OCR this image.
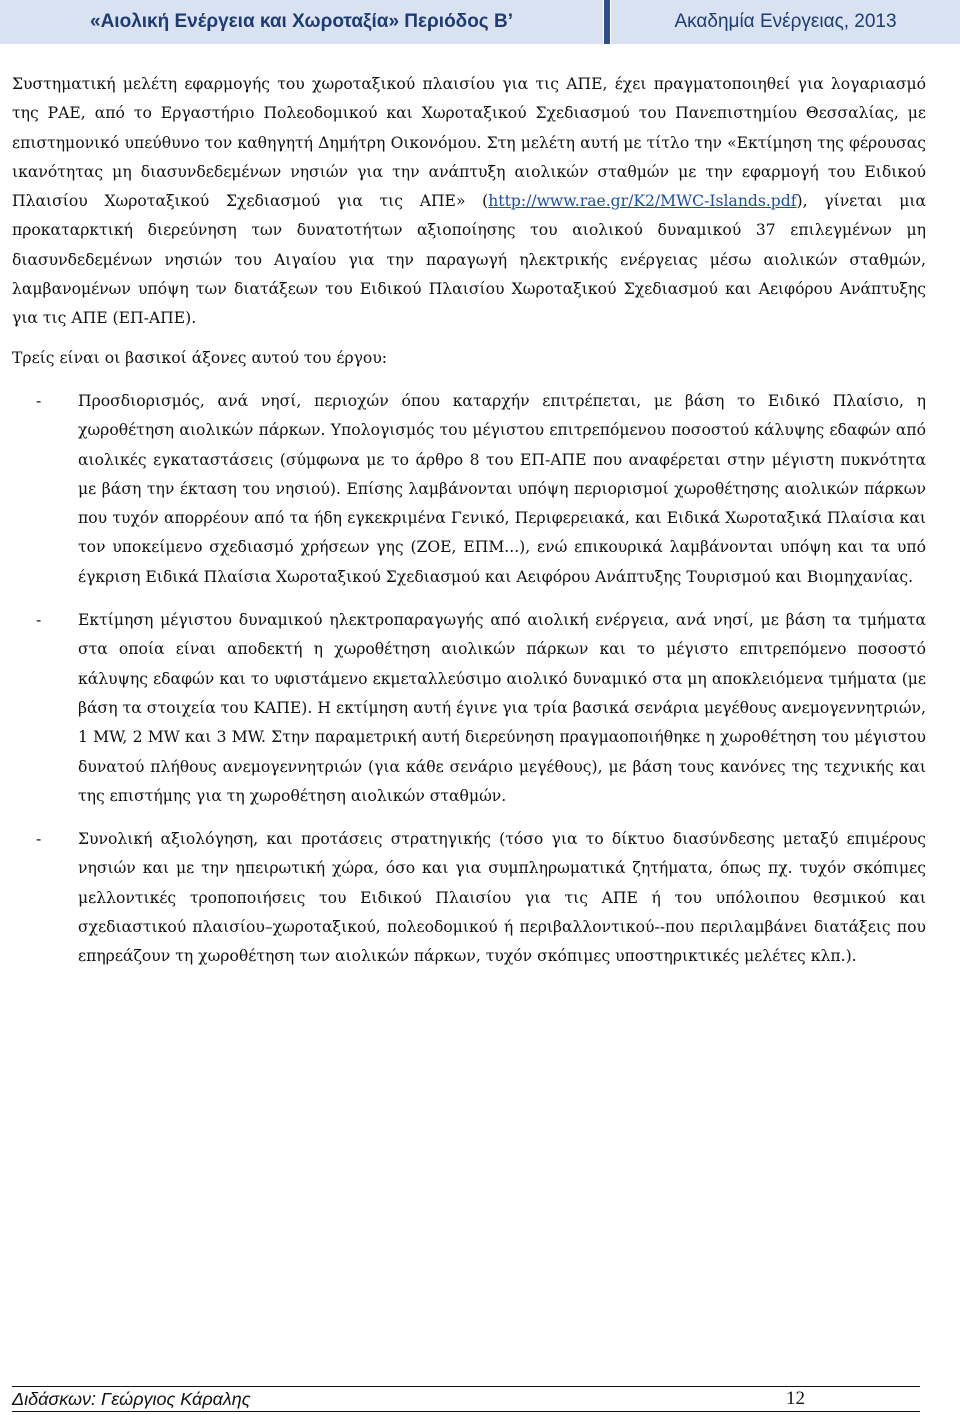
«Αιολική Ενέργεια και Χωροταξία» Περιόδος Β’	Ακαδημία Ενέργειας, 2013

Συστηματική μελέτη εφαρμογής του χωροταξικού πλαισίου για τις ΑΠΕ, έχει πραγματοποιηθεί για λογαριασμό της ΡΑΕ, από το Εργαστήριο Πολεοδομικού και Χωροταξικού Σχεδιασμού του Πανεπιστημίου Θεσσαλίας, με επιστημονικό υπεύθυνο τον καθηγητή Δημήτρη Οικονόμου. Στη μελέτη αυτή με τίτλο την «Εκτίμηση της φέρουσας ικανότητας μη διασυνδεδεμένων νησιών για την ανάπτυξη αιολικών σταθμών με την εφαρμογή του Ειδικού Πλαισίου Χωροταξικού Σχεδιασμού για τις ΑΠΕ» (http://www.rae.gr/K2/MWC-Islands.pdf), γίνεται μια προκαταρκτική διερεύνηση των δυνατοτήτων αξιοποίησης του αιολικού δυναμικού 37 επιλεγμένων μη διασυνδεδεμένων νησιών του Αιγαίου για την παραγωγή ηλεκτρικής ενέργειας μέσω αιολικών σταθμών, λαμβανομένων υπόψη των διατάξεων του Ειδικού Πλαισίου Χωροταξικού Σχεδιασμού και Αειφόρου Ανάπτυξης για τις ΑΠΕ (ΕΠ-ΑΠΕ).

Τρείς είναι οι βασικοί άξονες αυτού του έργου:

- Προσδιορισμός, ανά νησί, περιοχών όπου καταρχήν επιτρέπεται, με βάση το Ειδικό Πλαίσιο, η χωροθέτηση αιολικών πάρκων. Υπολογισμός του μέγιστου επιτρεπόμενου ποσοστού κάλυψης εδαφών από αιολικές εγκαταστάσεις (σύμφωνα με το άρθρο 8 του ΕΠ-ΑΠΕ που αναφέρεται στην μέγιστη πυκνότητα με βάση την έκταση του νησιού). Επίσης λαμβάνονται υπόψη περιορισμοί χωροθέτησης αιολικών πάρκων που τυχόν απορρέουν από τα ήδη εγκεκριμένα Γενικό, Περιφερειακά, και Ειδικά Χωροταξικά Πλαίσια και τον υποκείμενο σχεδιασμό χρήσεων γης (ΖΟΕ, ΕΠΜ...), ενώ επικουρικά λαμβάνονται υπόψη και τα υπό έγκριση Ειδικά Πλαίσια Χωροταξικού Σχεδιασμού και Αειφόρου Ανάπτυξης Τουρισμού και Βιομηχανίας.
- Εκτίμηση μέγιστου δυναμικού ηλεκτροπαραγωγής από αιολική ενέργεια, ανά νησί, με βάση τα τμήματα στα οποία είναι αποδεκτή η χωροθέτηση αιολικών πάρκων και το μέγιστο επιτρεπόμενο ποσοστό κάλυψης εδαφών και το υφιστάμενο εκμεταλλεύσιμο αιολικό δυναμικό στα μη αποκλειόμενα τμήματα (με βάση τα στοιχεία του ΚΑΠΕ). Η εκτίμηση αυτή έγινε για τρία βασικά σενάρια μεγέθους ανεμογεννητριών, 1 MW, 2 MW και 3 MW. Στην παραμετρική αυτή διερεύνηση πραγμαοποιήθηκε η χωροθέτηση του μέγιστου δυνατού πλήθους ανεμογεννητριών (για κάθε σενάριο μεγέθους), με βάση τους κανόνες της τεχνικής και της επιστήμης για τη χωροθέτηση αιολικών σταθμών.
- Συνολική αξιολόγηση, και προτάσεις στρατηγικής (τόσο για το δίκτυο διασύνδεσης μεταξύ επιμέρους νησιών και με την ηπειρωτική χώρα, όσο και για συμπληρωματικά ζητήματα, όπως πχ. τυχόν σκόπιμες μελλοντικές τροποποιήσεις του Ειδικού Πλαισίου για τις ΑΠΕ ή του υπόλοιπου θεσμικού και σχεδιαστικού πλαισίου–χωροταξικού, πολεοδομικού ή περιβαλλοντικού--που περιλαμβάνει διατάξεις που επηρεάζουν τη χωροθέτηση των αιολικών πάρκων, τυχόν σκόπιμες υποστηρικτικές μελέτες κλπ.).
Διδάσκων: Γεώργιος Κάραλης	12
